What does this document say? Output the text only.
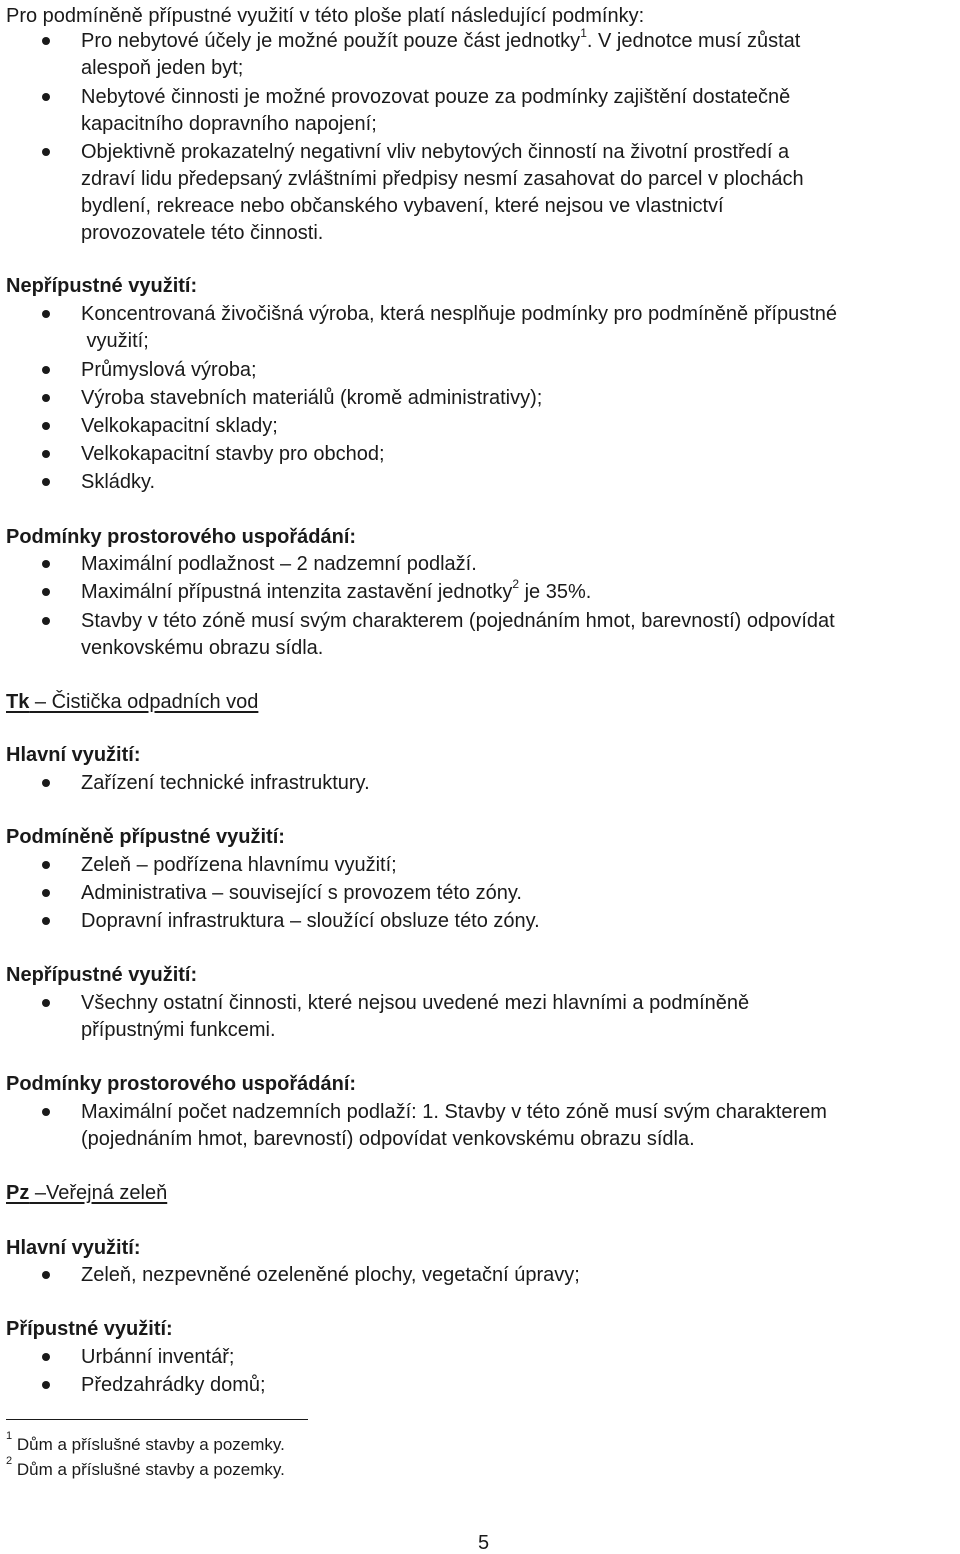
Pro podmíněně přípustné využití v této ploše platí následující podmínky:
Pro nebytové účely je možné použít pouze část jednotky$^1$. V jednotce musí zůstat
alespoň jeden byt;
Nebytové činnosti je možné provozovat pouze za podmínky zajištění dostatečně
kapacitního dopravního napojení;
Objektivně prokazatelný negativní vliv nebytových činností na životní prostředí a
zdraví lidu předepsaný zvláštními předpisy nesmí zasahovat do parcel v plochách
bydlení, rekreace nebo občanského vybavení, které nejsou ve vlastnictví
provozovatele této činnosti.
Nepřípustné využití:
Koncentrovaná živočišná výroba, která nesplňuje podmínky pro podmíněně přípustné
využití;
Průmyslová výroba;
Výroba stavebních materiálů (kromě administrativy);
Velkokapacitní sklady;
Velkokapacitní stavby pro obchod;
Skládky.
Podmínky prostorového uspořádání:
Maximální podlažnost – 2 nadzemní podlaží.
Maximální přípustná intenzita zastavění jednotky$^2$ je 35%.
Stavby v této zóně musí svým charakterem (pojednáním hmot, barevností) odpovídat
venkovskému obrazu sídla.
Tk – Čistička odpadních vod
Hlavní využití:
Zařízení technické infrastruktury.
Podmíněně přípustné využití:
Zeleň – podřízena hlavnímu využití;
Administrativa – související s provozem této zóny.
Dopravní infrastruktura – sloužící obsluze této zóny.
Nepřípustné využití:
Všechny ostatní činnosti, které nejsou uvedené mezi hlavními a podmíněně
přípustnými funkcemi.
Podmínky prostorového uspořádání:
Maximální počet nadzemních podlaží: 1. Stavby v této zóně musí svým charakterem
(pojednáním hmot, barevností) odpovídat venkovskému obrazu sídla.
Pz –Veřejná zeleň
Hlavní využití:
Zeleň, nezpevněné ozeleněné plochy, vegetační úpravy;
Přípustné využití:
Urbánní inventář;
Předzahrádky domů;
$^1$ Dům a příslušné stavby a pozemky.
$^2$ Dům a příslušné stavby a pozemky.
5
